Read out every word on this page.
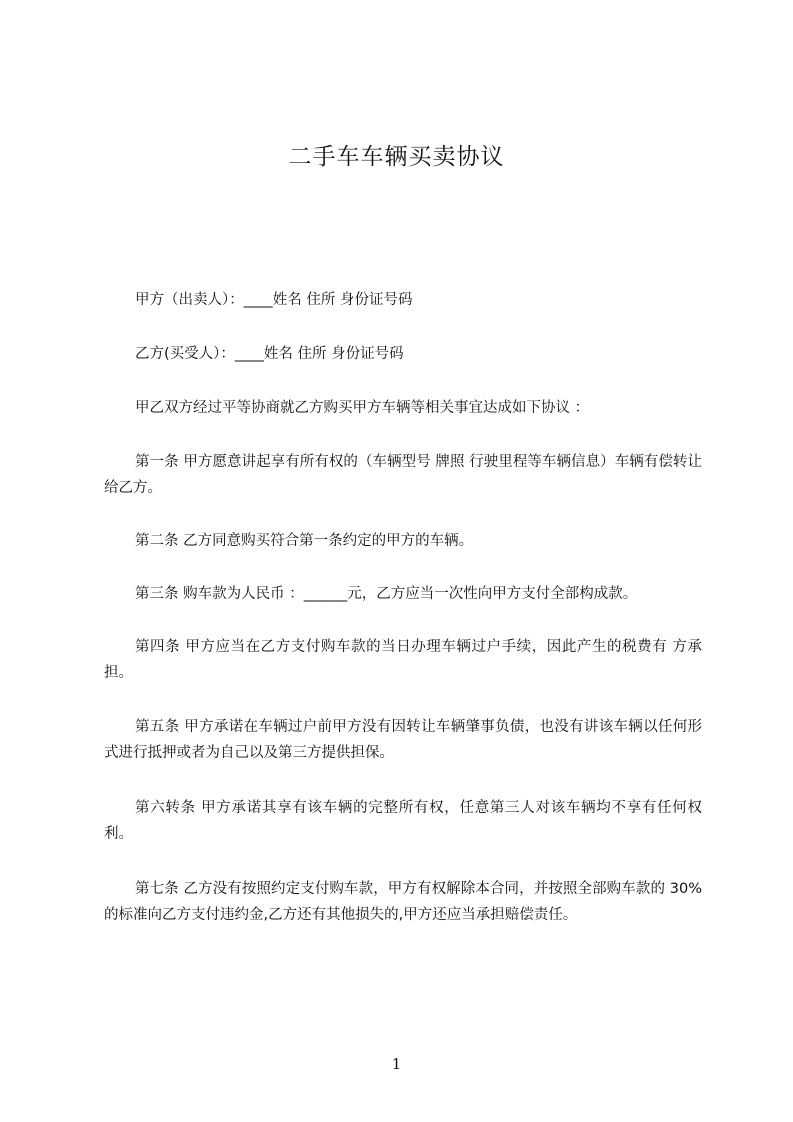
二手车车辆买卖协议

甲方（出卖人）：____姓名 住所 身份证号码

乙方(买受人）：____姓名 住所 身份证号码

甲乙双方经过平等协商就乙方购买甲方车辆等相关事宜达成如下协议 ：

第一条 甲方愿意讲起享有所有权的（车辆型号 牌照 行驶里程等车辆信息）车辆有偿转让给乙方。

第二条 乙方同意购买符合第一条约定的甲方的车辆。

第三条 购车款为人民币 ：______元，乙方应当一次性向甲方支付全部构成款。

第四条 甲方应当在乙方支付购车款的当日办理车辆过户手续，因此产生的税费有 方承担。

第五条 甲方承诺在车辆过户前甲方没有因转让车辆肇事负债，也没有讲该车辆以任何形式进行抵押或者为自己以及第三方提供担保。

第六转条 甲方承诺其享有该车辆的完整所有权，任意第三人对该车辆均不享有任何权利。

第七条 乙方没有按照约定支付购车款，甲方有权解除本合同，并按照全部购车款的 30%的标准向乙方支付违约金,乙方还有其他损失的,甲方还应当承担赔偿责任。

1
